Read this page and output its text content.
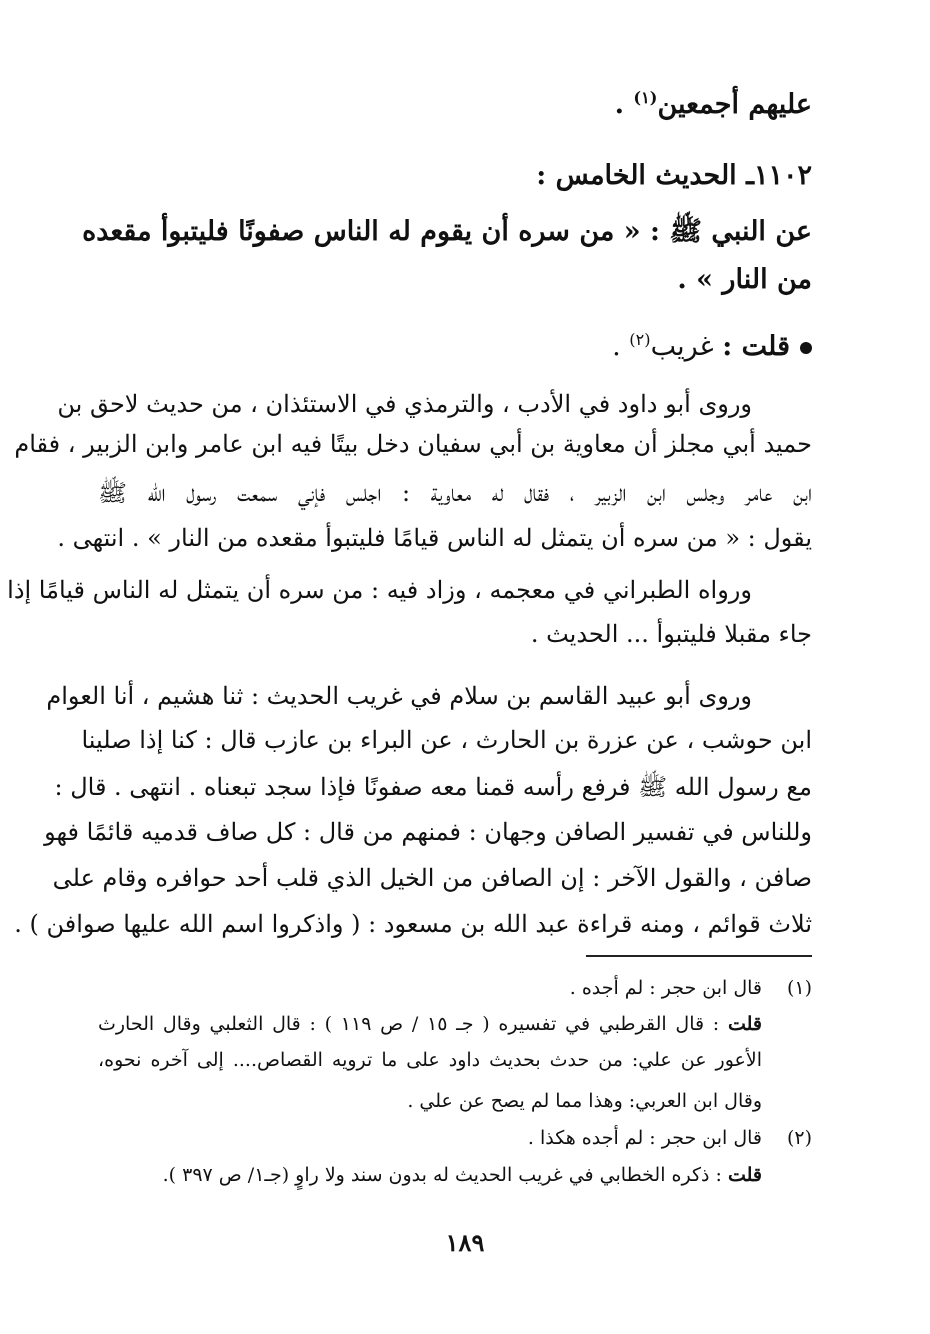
عليهم أجمعين$^{(١)}$ .
١١٠٢ـ الحديث الخامس :
عن النبي ﷺ : « من سره أن يقوم له الناس صفونًا فليتبوأ مقعده
من النار » .
قلت : غريب$^{(٢)}$ .
وروى أبو داود في الأدب ، والترمذي في الاستئذان ، من حديث لاحق بن
حميد أبي مجلز أن معاوية بن أبي سفيان دخل بيتًا فيه ابن عامر وابن الزبير ، فقام
ابن عامر وجلس ابن الزبير ، فقال له معاوية : اجلس فإني سمعت رسول الله ﷺ
يقول : « من سره أن يتمثل له الناس قيامًا فليتبوأ مقعده من النار » . انتهى .
ورواه الطبراني في معجمه ، وزاد فيه : من سره أن يتمثل له الناس قيامًا إذا
جاء مقبلا فليتبوأ ... الحديث .
وروى أبو عبيد القاسم بن سلام في غريب الحديث : ثنا هشيم ، أنا العوام
ابن حوشب ، عن عزرة بن الحارث ، عن البراء بن عازب قال : كنا إذا صلينا
مع رسول الله ﷺ فرفع رأسه قمنا معه صفونًا فإذا سجد تبعناه . انتهى . قال :
وللناس في تفسير الصافن وجهان : فمنهم من قال : كل صاف قدميه قائمًا فهو
صافن ، والقول الآخر : إن الصافن من الخيل الذي قلب أحد حوافره وقام على
ثلاث قوائم ، ومنه قراءة عبد الله بن مسعود : ( واذكروا اسم الله عليها صوافن ) .
(١)
قال ابن حجر : لم أجده .
قلت : قال القرطبي في تفسيره ( جـ ١٥ / ص ١١٩ ) : قال الثعلبي وقال الحارث
الأعور عن علي: من حدث بحديث داود على ما ترويه القصاص.... إلى آخره نحوه،
وقال ابن العربي: وهذا مما لم يصح عن علي .
(٢)
قال ابن حجر : لم أجده هكذا .
قلت : ذكره الخطابي في غريب الحديث له بدون سند ولا راوٍ (جـ١/ ص ٣٩٧ ).
١٨٩
